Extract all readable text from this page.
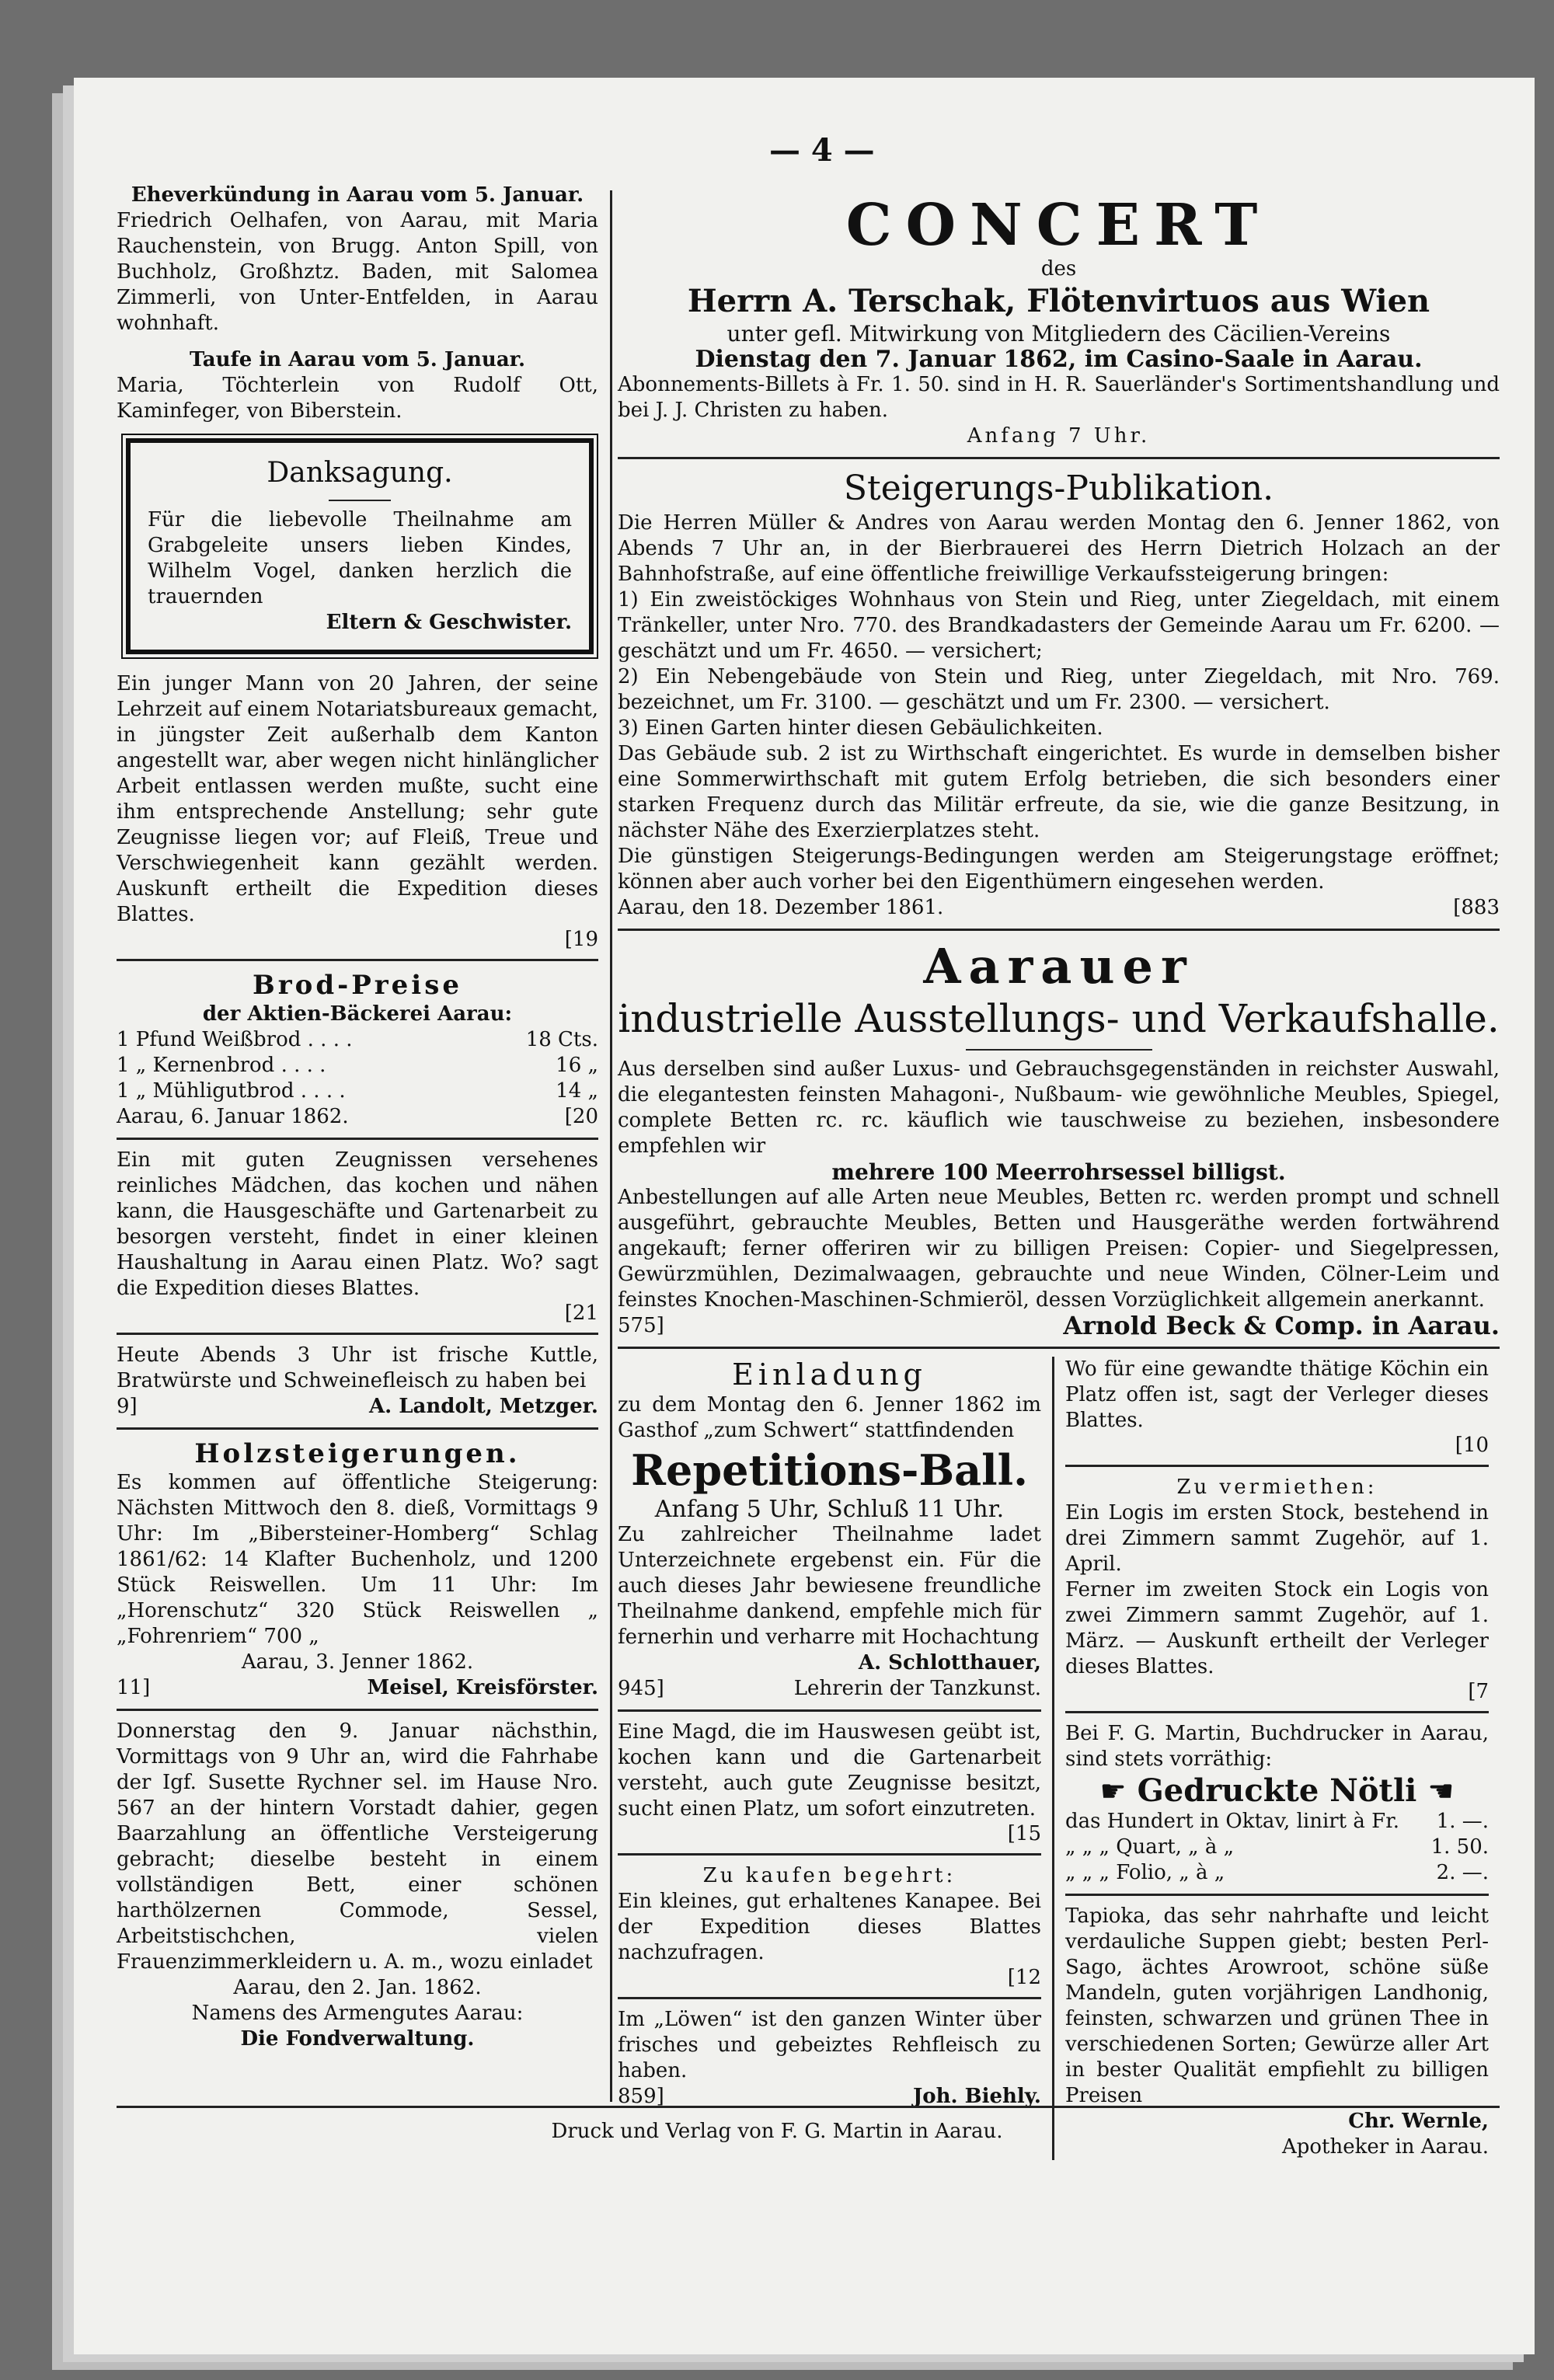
— 4 —

Eheverkündung in Aarau vom 5. Januar.

Friedrich Oelhafen, von Aarau, mit Maria Rauchenstein, von Brugg. Anton Spill, von Buchholz, Großhztz. Baden, mit Salomea Zimmerli, von Unter-Entfelden, in Aarau wohnhaft.

Taufe in Aarau vom 5. Januar.

Maria, Töchterlein von Rudolf Ott, Kaminfeger, von Biberstein.

Danksagung.

Für die liebevolle Theilnahme am Grabgeleite unsers lieben Kindes, Wilhelm Vogel, danken herzlich die trauernden

Eltern & Geschwister.

Ein junger Mann von 20 Jahren, der seine Lehrzeit auf einem Notariatsbureaux gemacht, in jüngster Zeit außerhalb dem Kanton angestellt war, aber wegen nicht hinlänglicher Arbeit entlassen werden mußte, sucht eine ihm entsprechende Anstellung; sehr gute Zeugnisse liegen vor; auf Fleiß, Treue und Verschwiegenheit kann gezählt werden. Auskunft ertheilt die Expedition dieses Blattes.

[19

Brod-Preise

der Aktien-Bäckerei Aarau:

1 Pfund Weißbrod . . . .	18 Cts.
1 „ Kernenbrod . . . .	16 „
1 „ Mühligutbrod . . . .	14 „
Aarau, 6. Januar 1862.	[20

Ein mit guten Zeugnissen versehenes reinliches Mädchen, das kochen und nähen kann, die Hausgeschäfte und Gartenarbeit zu besorgen versteht, findet in einer kleinen Haushaltung in Aarau einen Platz. Wo? sagt die Expedition dieses Blattes.

[21

Heute Abends 3 Uhr ist frische Kuttle, Bratwürste und Schweinefleisch zu haben bei

9]	A. Landolt, Metzger.

Holzsteigerungen.

Es kommen auf öffentliche Steigerung: Nächsten Mittwoch den 8. dieß, Vormittags 9 Uhr: Im „Bibersteiner-Homberg“ Schlag 1861/62: 14 Klafter Buchenholz, und 1200 Stück Reiswellen. Um 11 Uhr: Im „Horenschutz“ 320 Stück Reiswellen „ „Fohrenriem“ 700 „

Aarau, 3. Jenner 1862.

11]	Meisel, Kreisförster.

Donnerstag den 9. Januar nächsthin, Vormittags von 9 Uhr an, wird die Fahrhabe der Igf. Susette Rychner sel. im Hause Nro. 567 an der hintern Vorstadt dahier, gegen Baarzahlung an öffentliche Versteigerung gebracht; dieselbe besteht in einem vollständigen Bett, einer schönen harthölzernen Commode, Sessel, Arbeitstischchen, vielen Frauenzimmerkleidern u. A. m., wozu einladet

Aarau, den 2. Jan. 1862.

Namens des Armengutes Aarau:

Die Fondverwaltung.

CONCERT

des

Herrn A. Terschak, Flötenvirtuos aus Wien

unter gefl. Mitwirkung von Mitgliedern des Cäcilien-Vereins

Dienstag den 7. Januar 1862, im Casino-Saale in Aarau.

Abonnements-Billets à Fr. 1. 50. sind in H. R. Sauerländer's Sortimentshandlung und bei J. J. Christen zu haben.

Anfang 7 Uhr.

Steigerungs-Publikation.

Die Herren Müller & Andres von Aarau werden Montag den 6. Jenner 1862, von Abends 7 Uhr an, in der Bierbrauerei des Herrn Dietrich Holzach an der Bahnhofstraße, auf eine öffentliche freiwillige Verkaufssteigerung bringen:

1) Ein zweistöckiges Wohnhaus von Stein und Rieg, unter Ziegeldach, mit einem Tränkeller, unter Nro. 770. des Brandkadasters der Gemeinde Aarau um Fr. 6200. — geschätzt und um Fr. 4650. — versichert;

2) Ein Nebengebäude von Stein und Rieg, unter Ziegeldach, mit Nro. 769. bezeichnet, um Fr. 3100. — geschätzt und um Fr. 2300. — versichert.

3) Einen Garten hinter diesen Gebäulichkeiten.

Das Gebäude sub. 2 ist zu Wirthschaft eingerichtet. Es wurde in demselben bisher eine Sommerwirthschaft mit gutem Erfolg betrieben, die sich besonders einer starken Frequenz durch das Militär erfreute, da sie, wie die ganze Besitzung, in nächster Nähe des Exerzierplatzes steht.

Die günstigen Steigerungs-Bedingungen werden am Steigerungstage eröffnet; können aber auch vorher bei den Eigenthümern eingesehen werden.

Aarau, den 18. Dezember 1861.	[883

Aarauer

industrielle Ausstellungs- und Verkaufshalle.

Aus derselben sind außer Luxus- und Gebrauchsgegenständen in reichster Auswahl, die elegantesten feinsten Mahagoni-, Nußbaum- wie gewöhnliche Meubles, Spiegel, complete Betten rc. rc. käuflich wie tauschweise zu beziehen, insbesondere empfehlen wir

mehrere 100 Meerrohrsessel billigst.

Anbestellungen auf alle Arten neue Meubles, Betten rc. werden prompt und schnell ausgeführt, gebrauchte Meubles, Betten und Hausgeräthe werden fortwährend angekauft; ferner offeriren wir zu billigen Preisen: Copier- und Siegelpressen, Gewürzmühlen, Dezimalwaagen, gebrauchte und neue Winden, Cölner-Leim und feinstes Knochen-Maschinen-Schmieröl, dessen Vorzüglichkeit allgemein anerkannt.

575]	Arnold Beck & Comp. in Aarau.

Einladung

zu dem Montag den 6. Jenner 1862 im Gasthof „zum Schwert“ stattfindenden

Repetitions-Ball.

Anfang 5 Uhr, Schluß 11 Uhr.

Zu zahlreicher Theilnahme ladet Unterzeichnete ergebenst ein. Für die auch dieses Jahr bewiesene freundliche Theilnahme dankend, empfehle mich für fernerhin und verharre mit Hochachtung

A. Schlotthauer,

945]	Lehrerin der Tanzkunst.

Eine Magd, die im Hauswesen geübt ist, kochen kann und die Gartenarbeit versteht, auch gute Zeugnisse besitzt, sucht einen Platz, um sofort einzutreten.

[15

Zu kaufen begehrt:

Ein kleines, gut erhaltenes Kanapee. Bei der Expedition dieses Blattes nachzufragen.

[12

Im „Löwen“ ist den ganzen Winter über frisches und gebeiztes Rehfleisch zu haben.

859]	Joh. Biehly.

Wo für eine gewandte thätige Köchin ein Platz offen ist, sagt der Verleger dieses Blattes.

[10

Zu vermiethen:

Ein Logis im ersten Stock, bestehend in drei Zimmern sammt Zugehör, auf 1. April.

Ferner im zweiten Stock ein Logis von zwei Zimmern sammt Zugehör, auf 1. März. — Auskunft ertheilt der Verleger dieses Blattes.

[7

Bei F. G. Martin, Buchdrucker in Aarau, sind stets vorräthig:

☛ Gedruckte Nötli ☚
das Hundert in Oktav, linirt à Fr. 1. —.
„ „ „ Quart, „ à „	1. 50.
„ „ „ Folio, „ à „	2. —.

Tapioka, das sehr nahrhafte und leicht verdauliche Suppen giebt; besten Perl-Sago, ächtes Arowroot, schöne süße Mandeln, guten vorjährigen Landhonig, feinsten, schwarzen und grünen Thee in verschiedenen Sorten; Gewürze aller Art in bester Qualität empfiehlt zu billigen Preisen

Chr. Wernle,

Apotheker in Aarau.

Druck und Verlag von F. G. Martin in Aarau.
